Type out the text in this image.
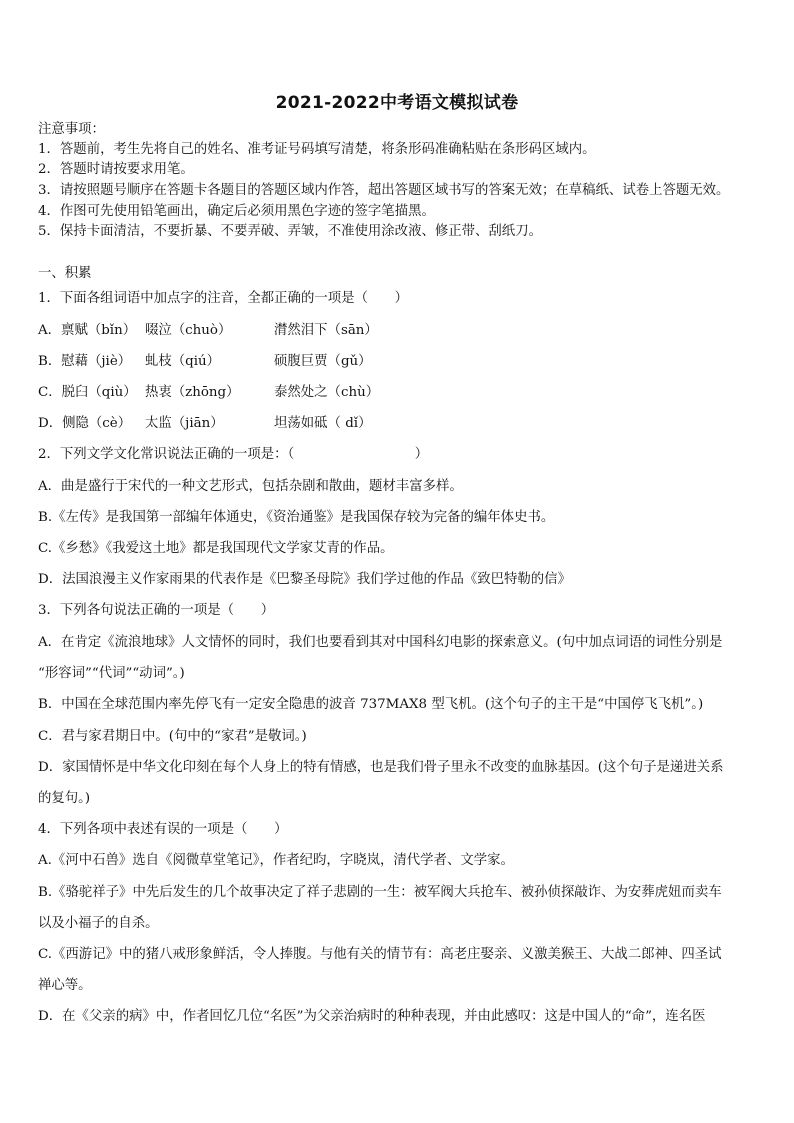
2021-2022中考语文模拟试卷
注意事项：
1．答题前，考生先将自己的姓名、准考证号码填写清楚，将条形码准确粘贴在条形码区域内。
2．答题时请按要求用笔。
3．请按照题号顺序在答题卡各题目的答题区域内作答，超出答题区域书写的答案无效；在草稿纸、试卷上答题无效。
4．作图可先使用铅笔画出，确定后必须用黑色字迹的签字笔描黑。
5．保持卡面清洁，不要折暴、不要弄破、弄皱，不准使用涂改液、修正带、刮纸刀。
一、积累
1．下面各组词语中加点字的注音，全都正确的一项是（　　）
A．禀赋（bǐn） 啜泣（chuò）	潸然泪下（sān）
B．慰藉（jiè） 虬枝（qiú）	硕腹巨贾（gǔ）
C．脱臼（qiù） 热衷（zhōng）	泰然处之（chù）
D．侧隐（cè） 太监（jiān）	坦荡如砥（ dǐ）
2．下列文学文化常识说法正确的一项是：（　　　　　　　　　）
A．曲是盛行于宋代的一种文艺形式，包括杂剧和散曲，题材丰富多样。
B.《左传》是我国第一部编年体通史，《资治通鉴》是我国保存较为完备的编年体史书。
C.《乡愁》《我爱这土地》都是我国现代文学家艾青的作品。
D．法国浪漫主义作家雨果的代表作是《巴黎圣母院》我们学过他的作品《致巴特勒的信》
3．下列各句说法正确的一项是（　　）
A．在肯定《流浪地球》人文情怀的同时，我们也要看到其对中国科幻电影的探索意义。(句中加点词语的词性分别是
“形容词”“代词”“动词”。)
B．中国在全球范围内率先停飞有一定安全隐患的波音 737MAX8 型飞机。(这个句子的主干是“中国停飞飞机”。)
C．君与家君期日中。(句中的“家君”是敬词。)
D．家国情怀是中华文化印刻在每个人身上的特有情感，也是我们骨子里永不改变的血脉基因。(这个句子是递进关系
的复句。)
4．下列各项中表述有误的一项是（　　）
A.《河中石兽》选自《阅微草堂笔记》，作者纪昀，字晓岚，清代学者、文学家。
B.《骆驼祥子》中先后发生的几个故事决定了祥子悲剧的一生：被军阀大兵抢车、被孙侦探敲诈、为安葬虎妞而卖车
以及小福子的自杀。
C.《西游记》中的猪八戒形象鲜活，令人捧腹。与他有关的情节有：高老庄娶亲、义激美猴王、大战二郎神、四圣试
禅心等。
D．在《父亲的病》中，作者回忆几位“名医”为父亲治病时的种种表现，并由此感叹：这是中国人的“命”，连名医
